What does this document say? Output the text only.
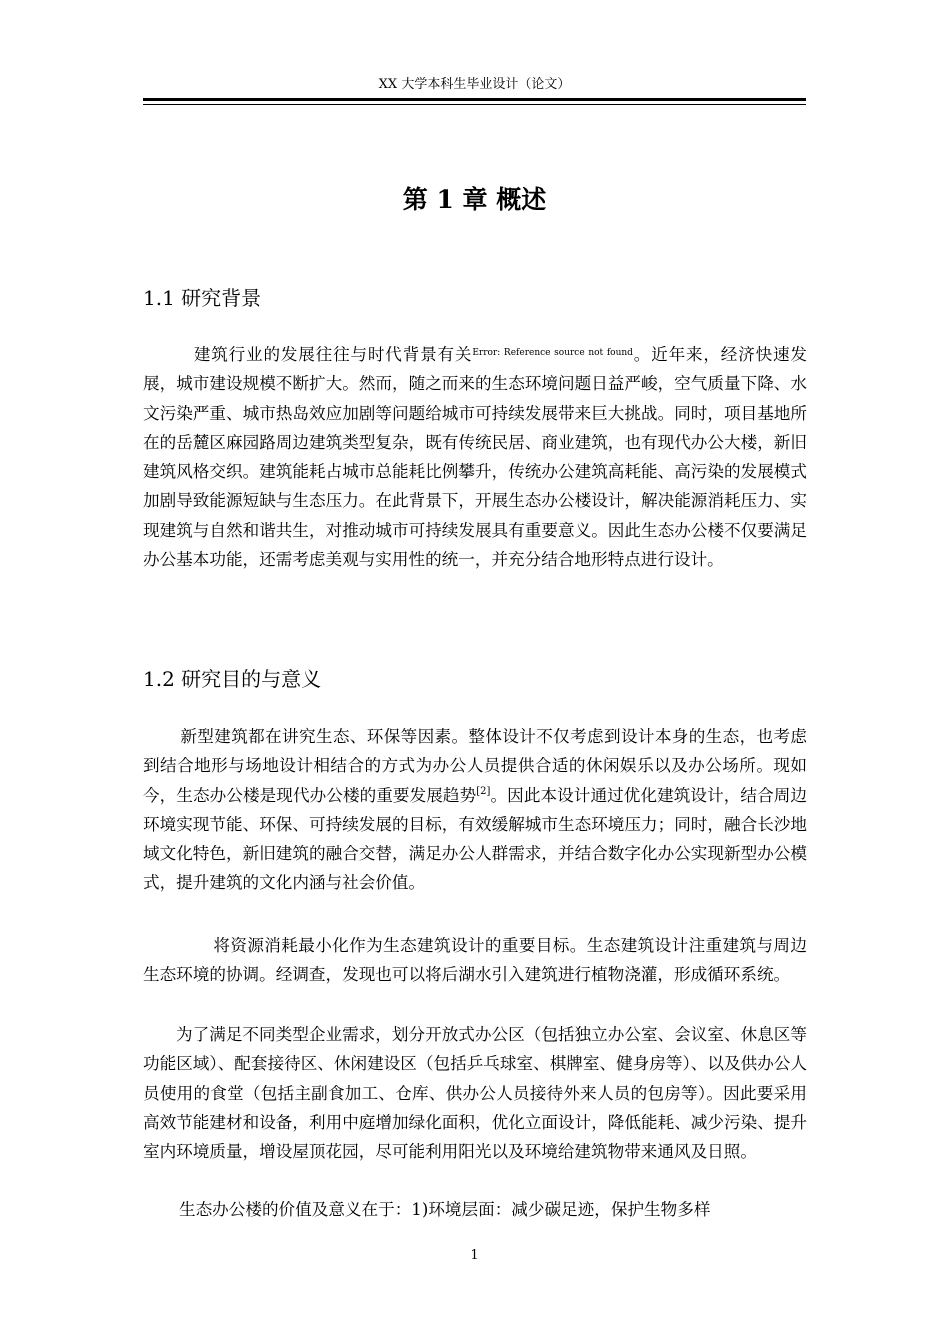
XX 大学本科生毕业设计（论文）
第 1 章 概述
1.1 研究背景

建筑行业的发展往往与时代背景有关$^{Error: Reference source not found}$。近年来，经济快速发展，城市建设规模不断扩大。然而，随之而来的生态环境问题日益严峻，空气质量下降、水文污染严重、城市热岛效应加剧等问题给城市可持续发展带来巨大挑战。同时，项目基地所在的岳麓区麻园路周边建筑类型复杂，既有传统民居、商业建筑，也有现代办公大楼，新旧建筑风格交织。建筑能耗占城市总能耗比例攀升，传统办公建筑高耗能、高污染的发展模式加剧导致能源短缺与生态压力。在此背景下，开展生态办公楼设计，解决能源消耗压力、实现建筑与自然和谐共生，对推动城市可持续发展具有重要意义。因此生态办公楼不仅要满足办公基本功能，还需考虑美观与实用性的统一，并充分结合地形特点进行设计。

1.2 研究目的与意义

新型建筑都在讲究生态、环保等因素。整体设计不仅考虑到设计本身的生态，也考虑到结合地形与场地设计相结合的方式为办公人员提供合适的休闲娱乐以及办公场所。现如今，生态办公楼是现代办公楼的重要发展趋势[2]。因此本设计通过优化建筑设计，结合周边环境实现节能、环保、可持续发展的目标，有效缓解城市生态环境压力；同时，融合长沙地域文化特色，新旧建筑的融合交替，满足办公人群需求，并结合数字化办公实现新型办公模式，提升建筑的文化内涵与社会价值。

将资源消耗最小化作为生态建筑设计的重要目标。生态建筑设计注重建筑与周边生态环境的协调。经调查，发现也可以将后湖水引入建筑进行植物浇灌，形成循环系统。

为了满足不同类型企业需求，划分开放式办公区（包括独立办公室、会议室、休息区等功能区域）、配套接待区、休闲建设区（包括乒乓球室、棋牌室、健身房等）、以及供办公人员使用的食堂（包括主副食加工、仓库、供办公人员接待外来人员的包房等）。因此要采用高效节能建材和设备，利用中庭增加绿化面积，优化立面设计，降低能耗、减少污染、提升室内环境质量，增设屋顶花园，尽可能利用阳光以及环境给建筑物带来通风及日照。

生态办公楼的价值及意义在于：1)环境层面：减少碳足迹，保护生物多样

1
